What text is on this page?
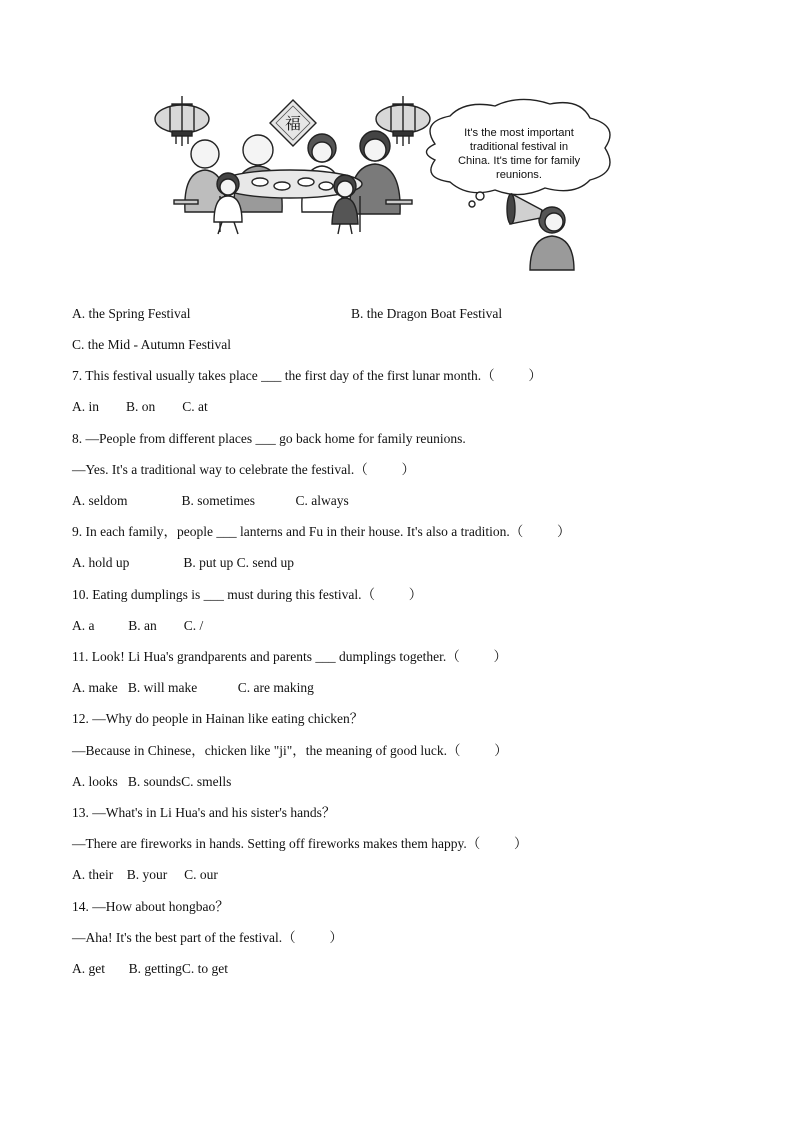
It's the most important
traditional festival in
China. It's time for family
reunions.
福
A. the Spring Festival	B. the Dragon Boat Festival
C. the Mid - Autumn Festival
7. This festival usually takes place ___ the first day of the first lunar month.（          ）
A. in        B. on        C. at
8. —People from different places ___ go back home for family reunions.
—Yes. It's a traditional way to celebrate the festival.（          ）
A. seldom                B. sometimes            C. always
9. In each family，people ___ lanterns and Fu in their house. It's also a tradition.（          ）
A. hold up                B. put up C. send up
10. Eating dumplings is ___ must during this festival.（          ）
A. a          B. an        C. /
11. Look! Li Hua's grandparents and parents ___ dumplings together.（          ）
A. make   B. will make            C. are making
12. —Why do people in Hainan like eating chicken？
—Because in Chinese，chicken like "ji"，the meaning of good luck.（          ）
A. looks   B. soundsC. smells
13. —What's in Li Hua's and his sister's hands？
—There are fireworks in hands. Setting off fireworks makes them happy.（          ）
A. their    B. your     C. our
14. —How about hongbao？
—Aha! It's the best part of the festival.（          ）
A. get       B. gettingC. to get
